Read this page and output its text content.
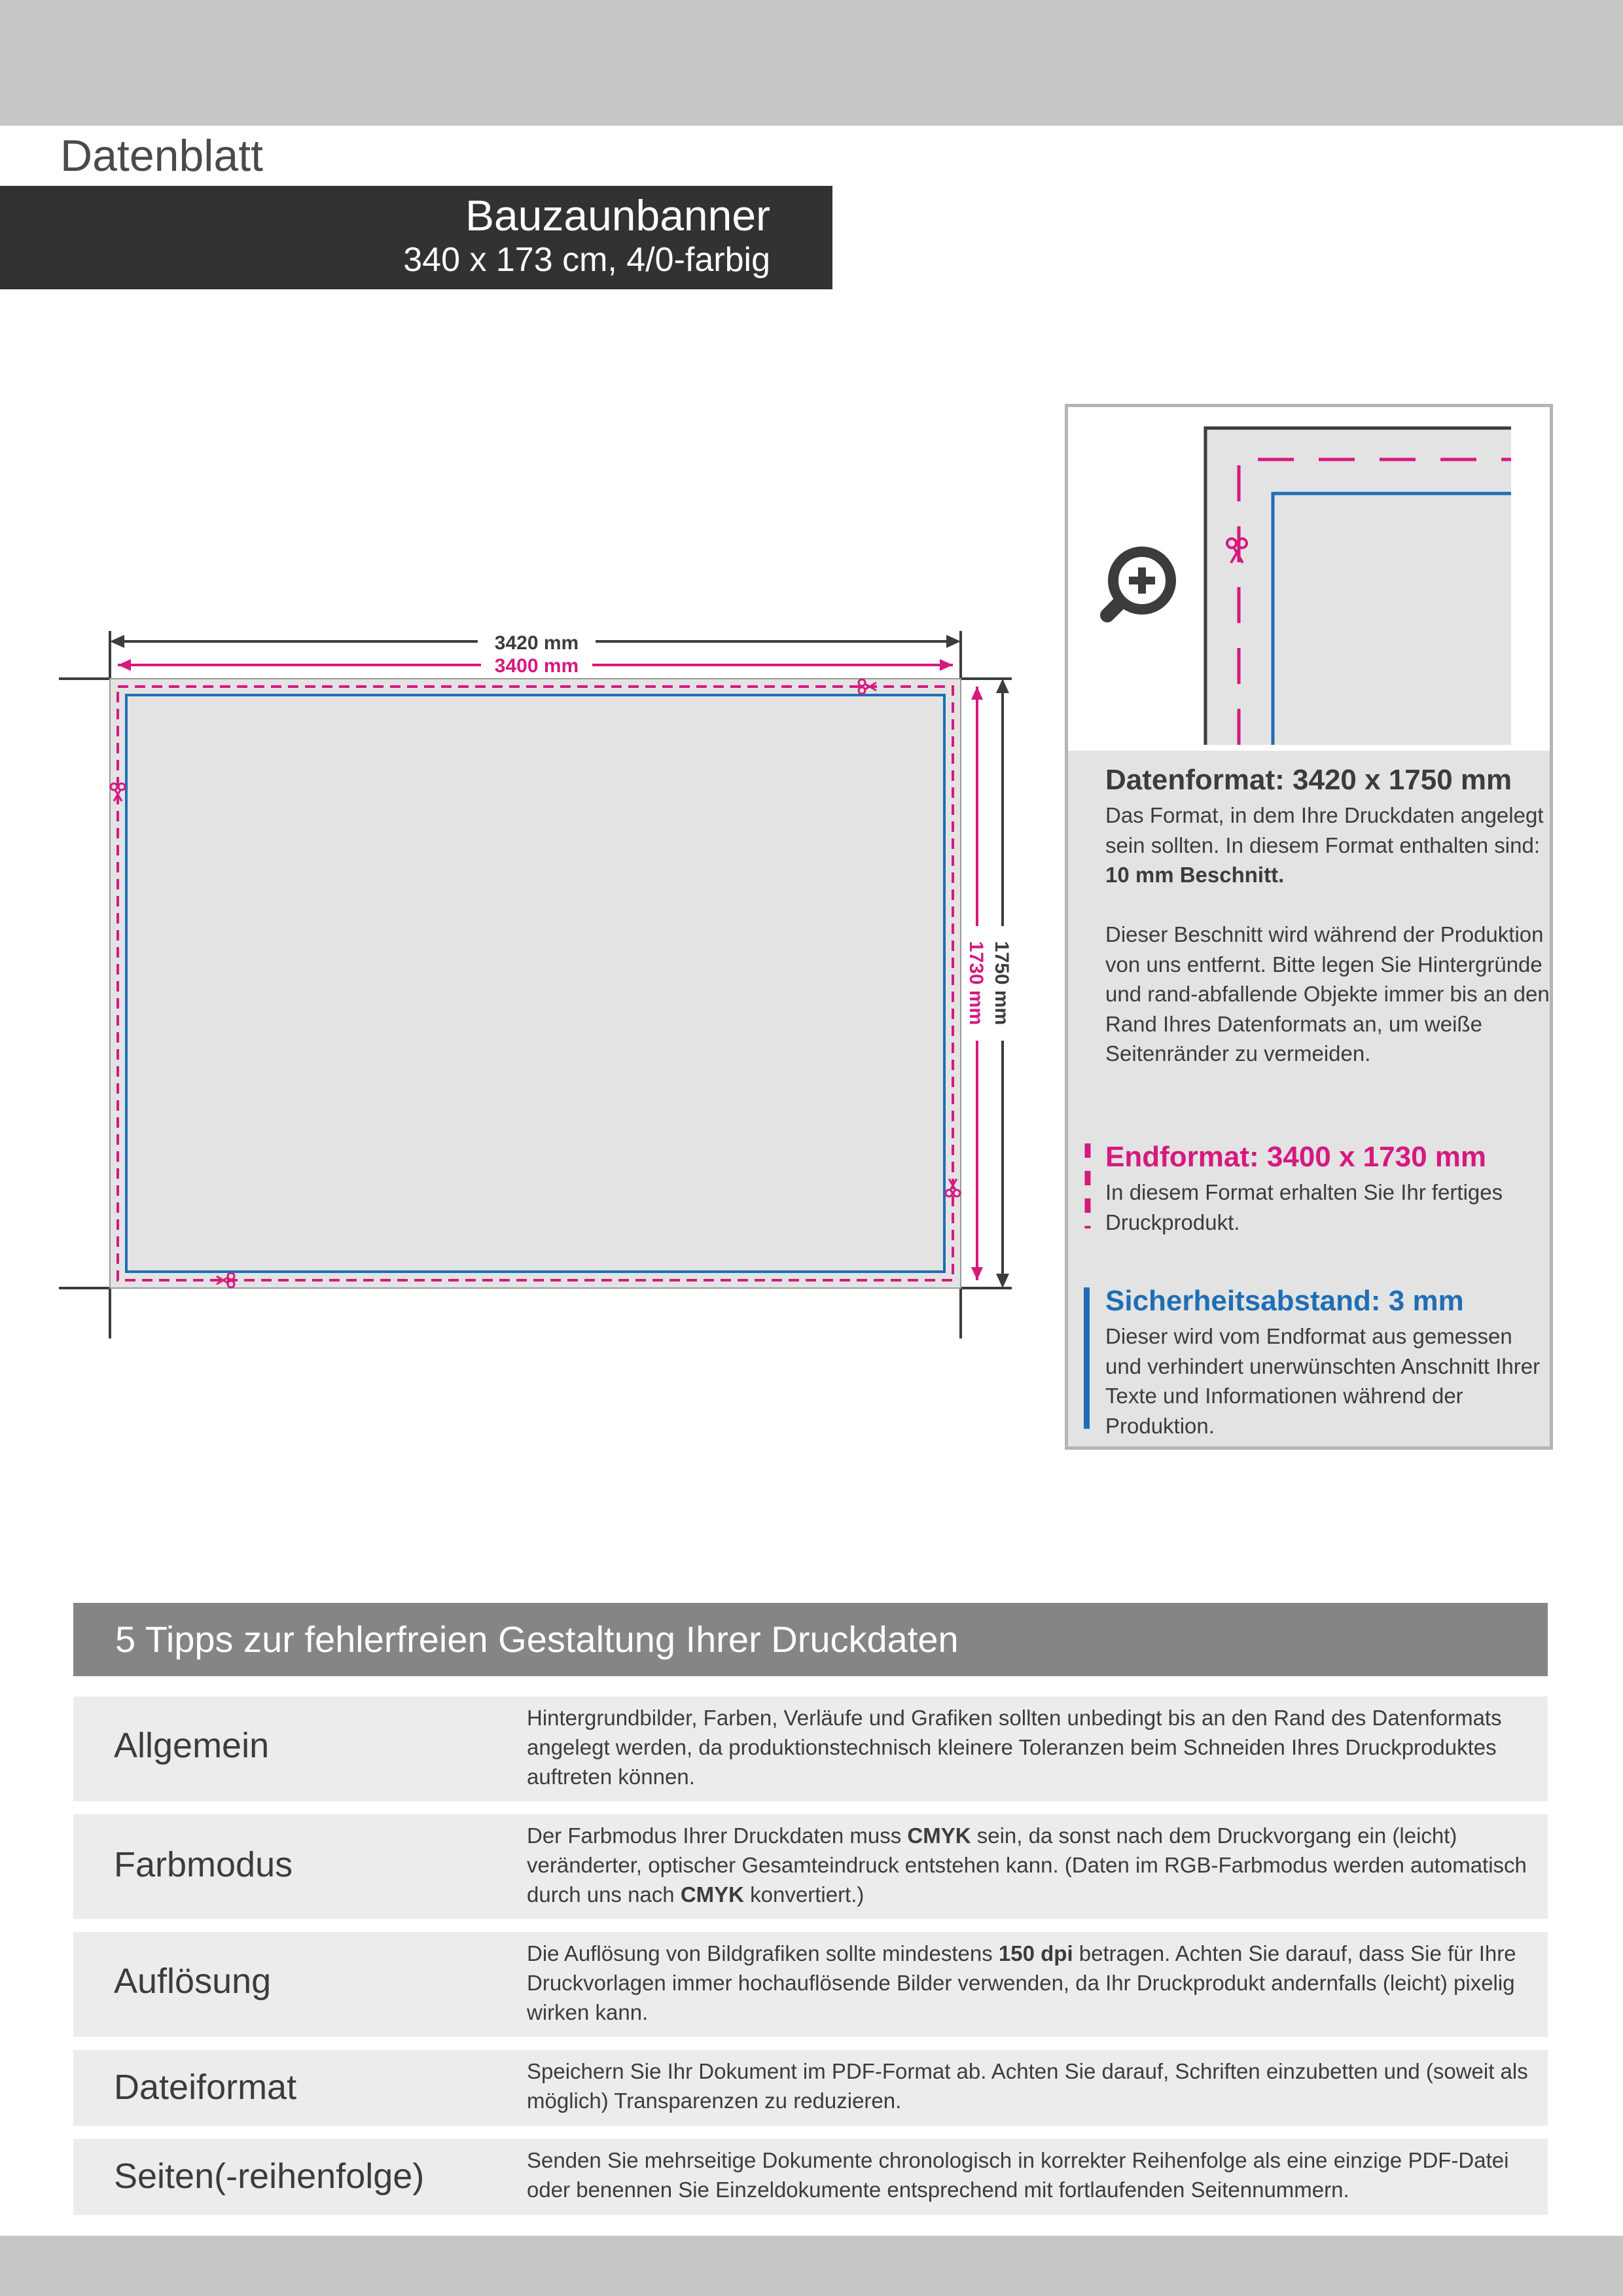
Datenblatt
Bauzaunbanner
340 x 173 cm, 4/0-farbig
3420 mm
3400 mm
1750 mm
1730 mm
Datenformat: 3420 x 1750 mm
Das Format, in dem Ihre Druckdaten angelegt sein sollten. In diesem Format enthalten sind: 10 mm Beschnitt.
Dieser Beschnitt wird während der Produktion von uns entfernt. Bitte legen Sie Hintergründe und rand-abfallende Objekte immer bis an den Rand Ihres Datenformats an, um weiße Seitenränder zu vermeiden.
Endformat: 3400 x 1730 mm
In diesem Format erhalten Sie Ihr fertiges Druckprodukt.
Sicherheitsabstand: 3 mm
Dieser wird vom Endformat aus gemessen und verhindert unerwünschten Anschnitt Ihrer Texte und Informationen während der Produktion.
5 Tipps zur fehlerfreien Gestaltung Ihrer Druckdaten
Allgemein
Hintergrundbilder, Farben, Verläufe und Grafiken sollten unbedingt bis an den Rand des Datenformats angelegt werden, da produktionstechnisch kleinere Toleranzen beim Schneiden Ihres Druckproduktes auftreten können.
Farbmodus
Der Farbmodus Ihrer Druckdaten muss CMYK sein, da sonst nach dem Druckvorgang ein (leicht) veränderter, optischer Gesamteindruck entstehen kann. (Daten im RGB-Farbmodus werden automatisch durch uns nach CMYK konvertiert.)
Auflösung
Die Auflösung von Bildgrafiken sollte mindestens 150 dpi betragen. Achten Sie darauf, dass Sie für Ihre Druckvorlagen immer hochauflösende Bilder verwenden, da Ihr Druckprodukt andernfalls (leicht) pixelig wirken kann.
Dateiformat	Speichern Sie Ihr Dokument im PDF-Format ab. Achten Sie darauf, Schriften einzubetten und (soweit als möglich) Transparenzen zu reduzieren.
Seiten(-reihenfolge)	Senden Sie mehrseitige Dokumente chronologisch in korrekter Reihenfolge als eine einzige PDF-Datei oder benennen Sie Einzeldokumente entsprechend mit fortlaufenden Seitennummern.
